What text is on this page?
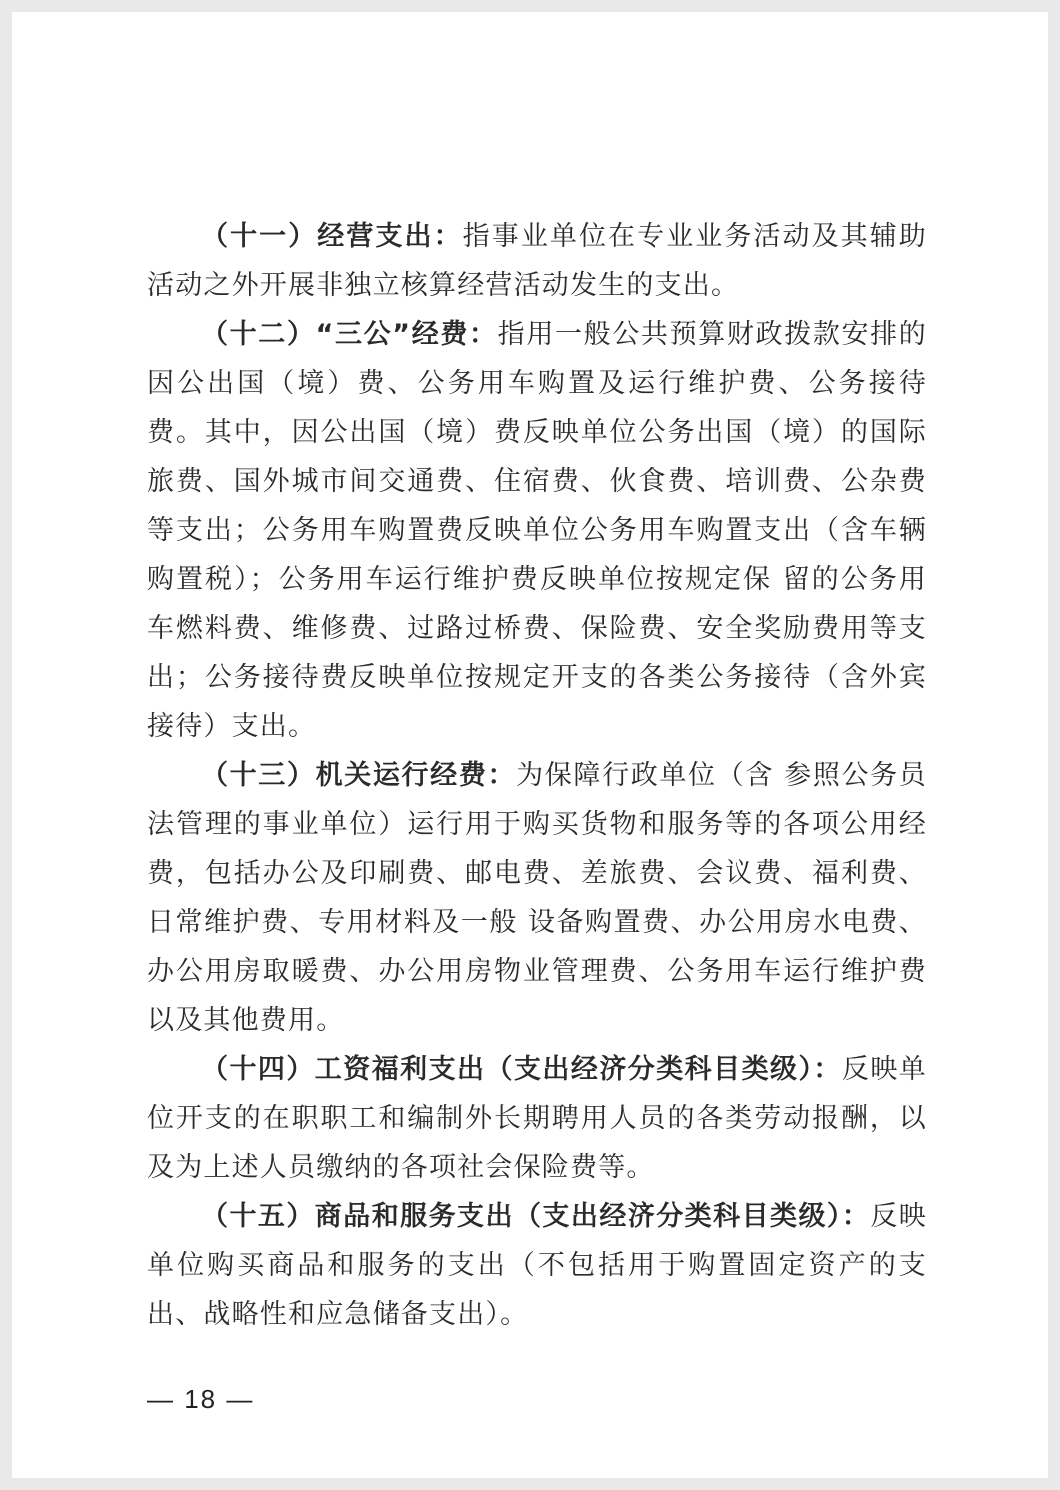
（十一）经营支出：指事业单位在专业业务活动及其辅助活动之外开展非独立核算经营活动发生的支出。

（十二）“三公”经费：指用一般公共预算财政拨款安排的因公出国（境）费、公务用车购置及运行维护费、公务接待费。其中，因公出国（境）费反映单位公务出国（境）的国际旅费、国外城市间交通费、住宿费、伙食费、培训费、公杂费等支出；公务用车购置费反映单位公务用车购置支出（含车辆购置税）；公务用车运行维护费反映单位按规定保 留的公务用车燃料费、维修费、过路过桥费、保险费、安全奖励费用等支出；公务接待费反映单位按规定开支的各类公务接待（含外宾接待）支出。

（十三）机关运行经费：为保障行政单位（含 参照公务员法管理的事业单位）运行用于购买货物和服务等的各项公用经费，包括办公及印刷费、邮电费、差旅费、会议费、福利费、日常维护费、专用材料及一般 设备购置费、办公用房水电费、办公用房取暖费、办公用房物业管理费、公务用车运行维护费以及其他费用。

（十四）工资福利支出（支出经济分类科目类级）：反映单位开支的在职职工和编制外长期聘用人员的各类劳动报酬，以及为上述人员缴纳的各项社会保险费等。

（十五）商品和服务支出（支出经济分类科目类级）：反映单位购买商品和服务的支出（不包括用于购置固定资产的支出、战略性和应急储备支出）。

— 18 —
